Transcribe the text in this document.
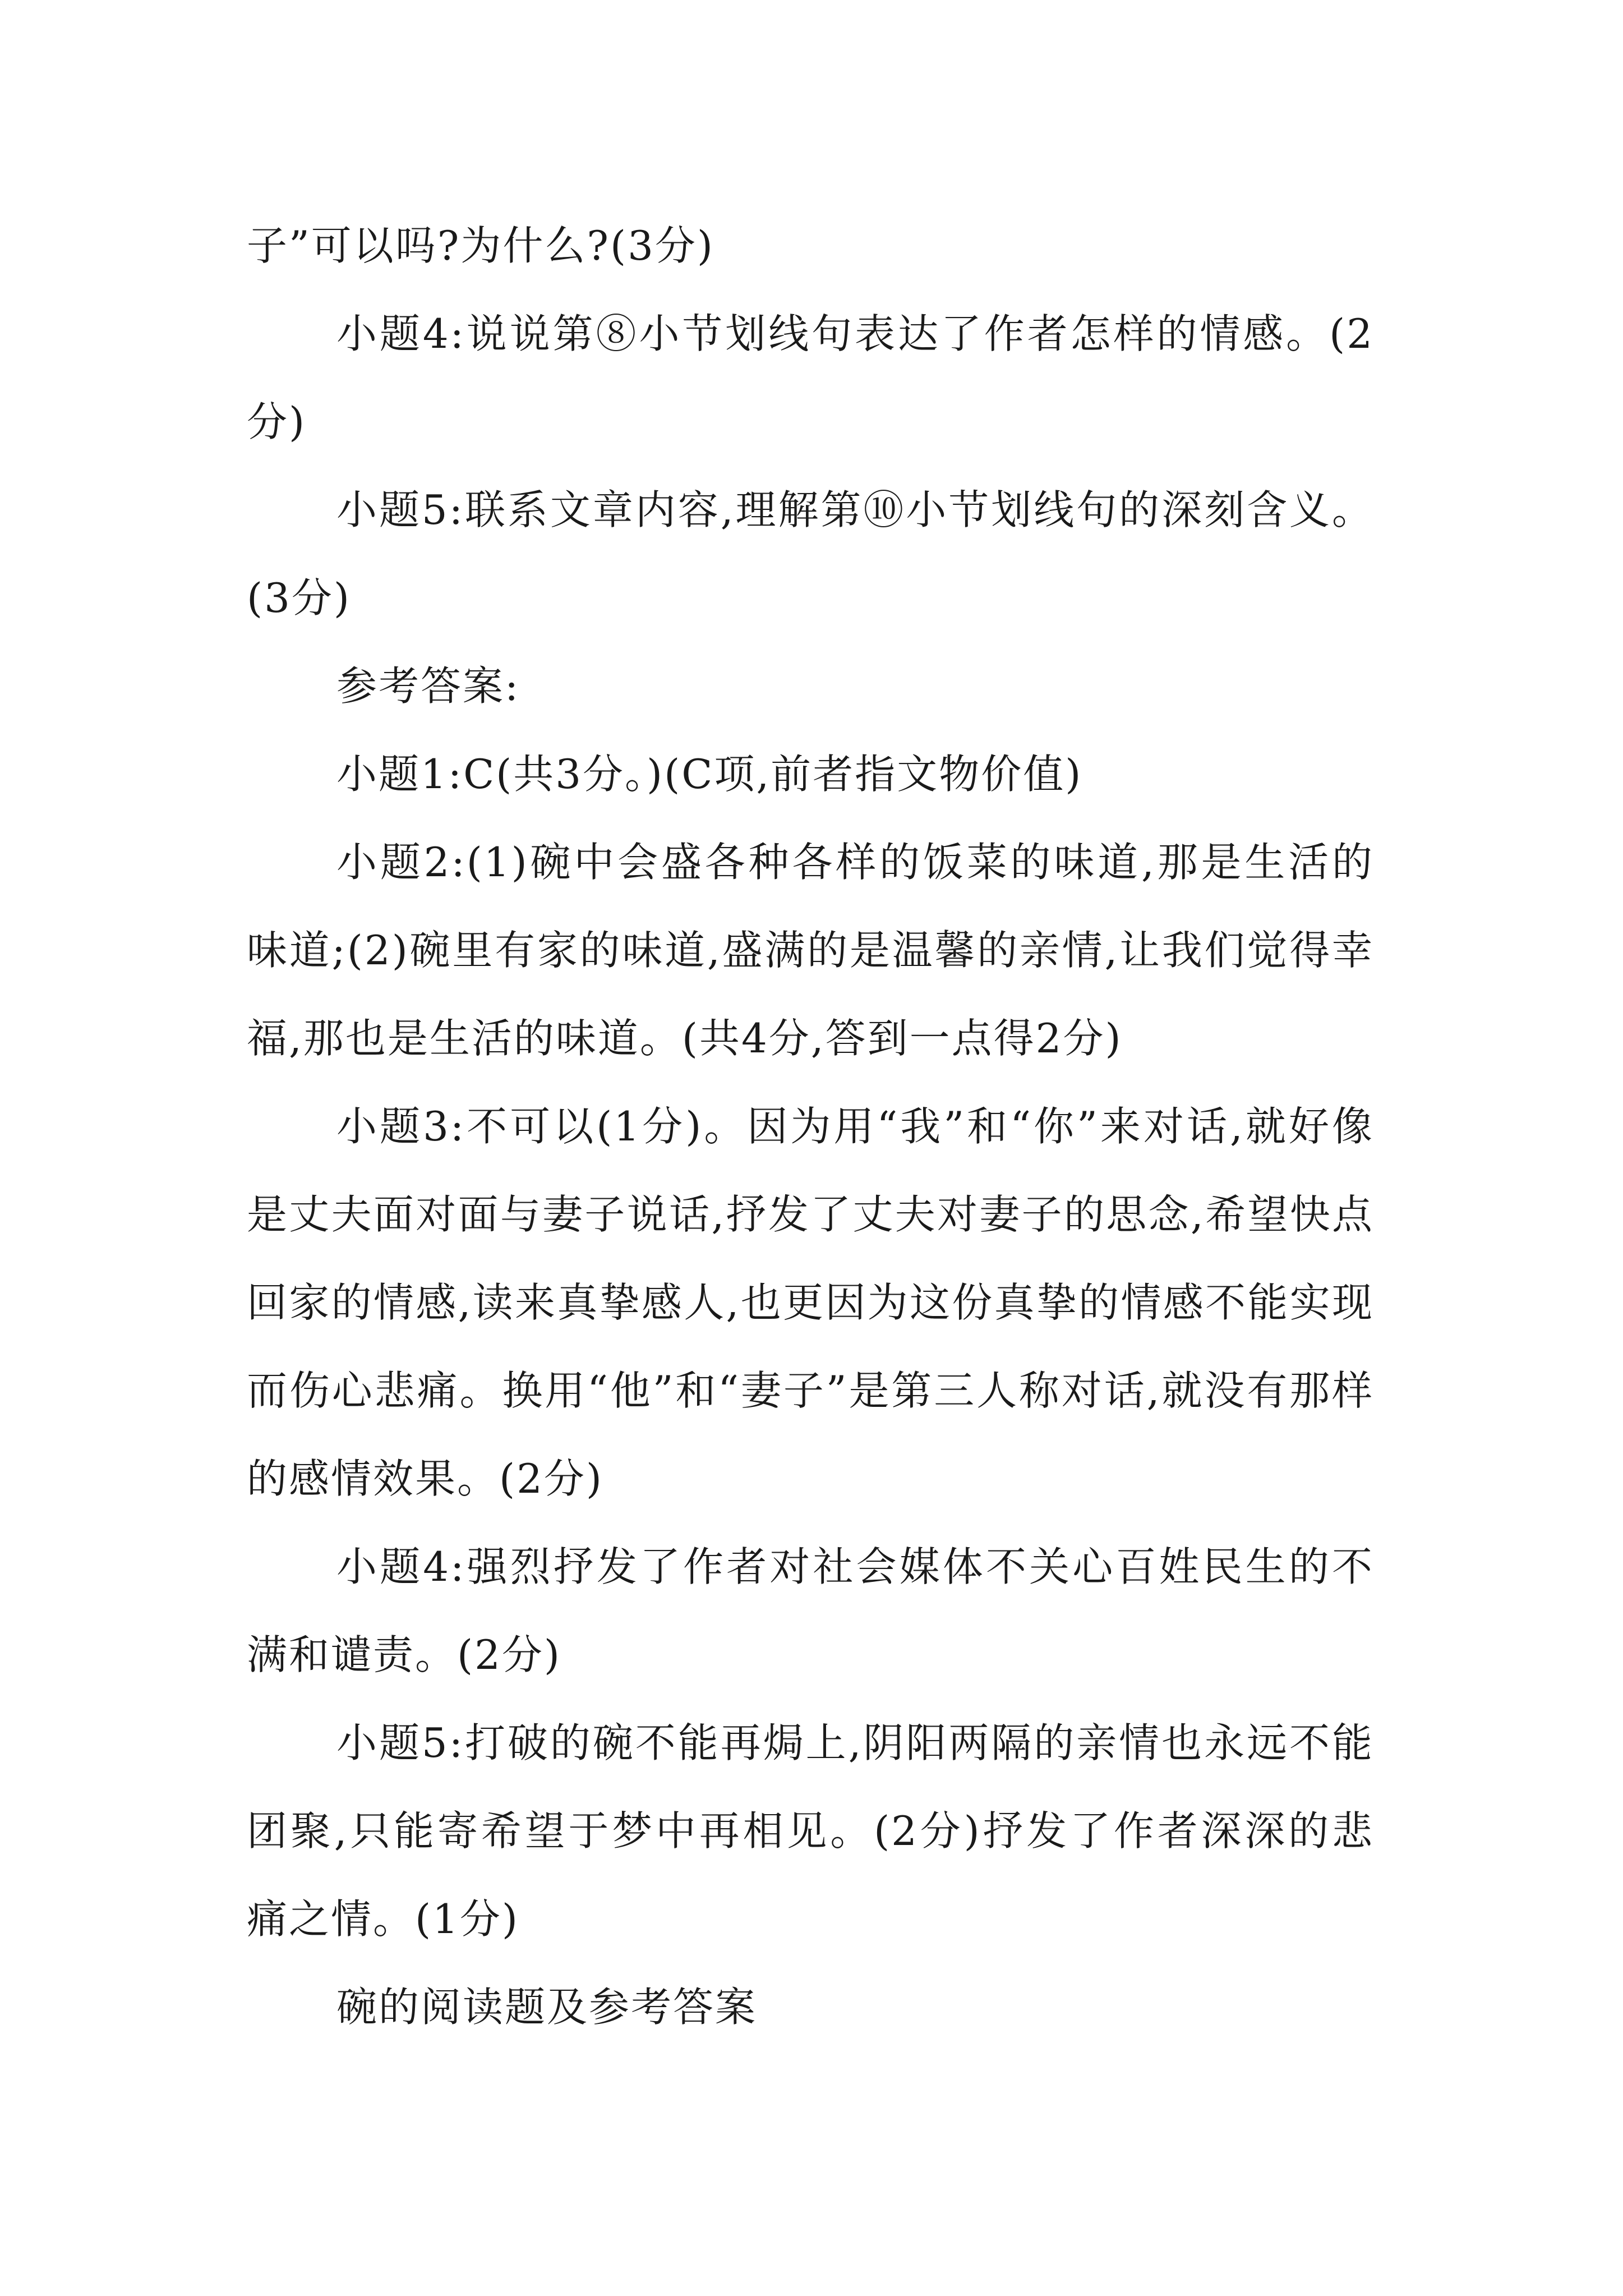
子”可以吗?为什么?(3分)

小题4:说说第⑧小节划线句表达了作者怎样的情感。(2分)

小题5:联系文章内容,理解第⑩小节划线句的深刻含义。(3分)

参考答案:

小题1:C(共3分。)(C项,前者指文物价值)

小题2:(1)碗中会盛各种各样的饭菜的味道,那是生活的味道;(2)碗里有家的味道,盛满的是温馨的亲情,让我们觉得幸福,那也是生活的味道。(共4分,答到一点得2分)

小题3:不可以(1分)。因为用“我”和“你”来对话,就好像是丈夫面对面与妻子说话,抒发了丈夫对妻子的思念,希望快点回家的情感,读来真挚感人,也更因为这份真挚的情感不能实现而伤心悲痛。换用“他”和“妻子”是第三人称对话,就没有那样的感情效果。(2分)

小题4:强烈抒发了作者对社会媒体不关心百姓民生的不满和谴责。(2分)

小题5:打破的碗不能再焗上,阴阳两隔的亲情也永远不能团聚,只能寄希望于梦中再相见。(2分)抒发了作者深深的悲痛之情。(1分)

碗的阅读题及参考答案
